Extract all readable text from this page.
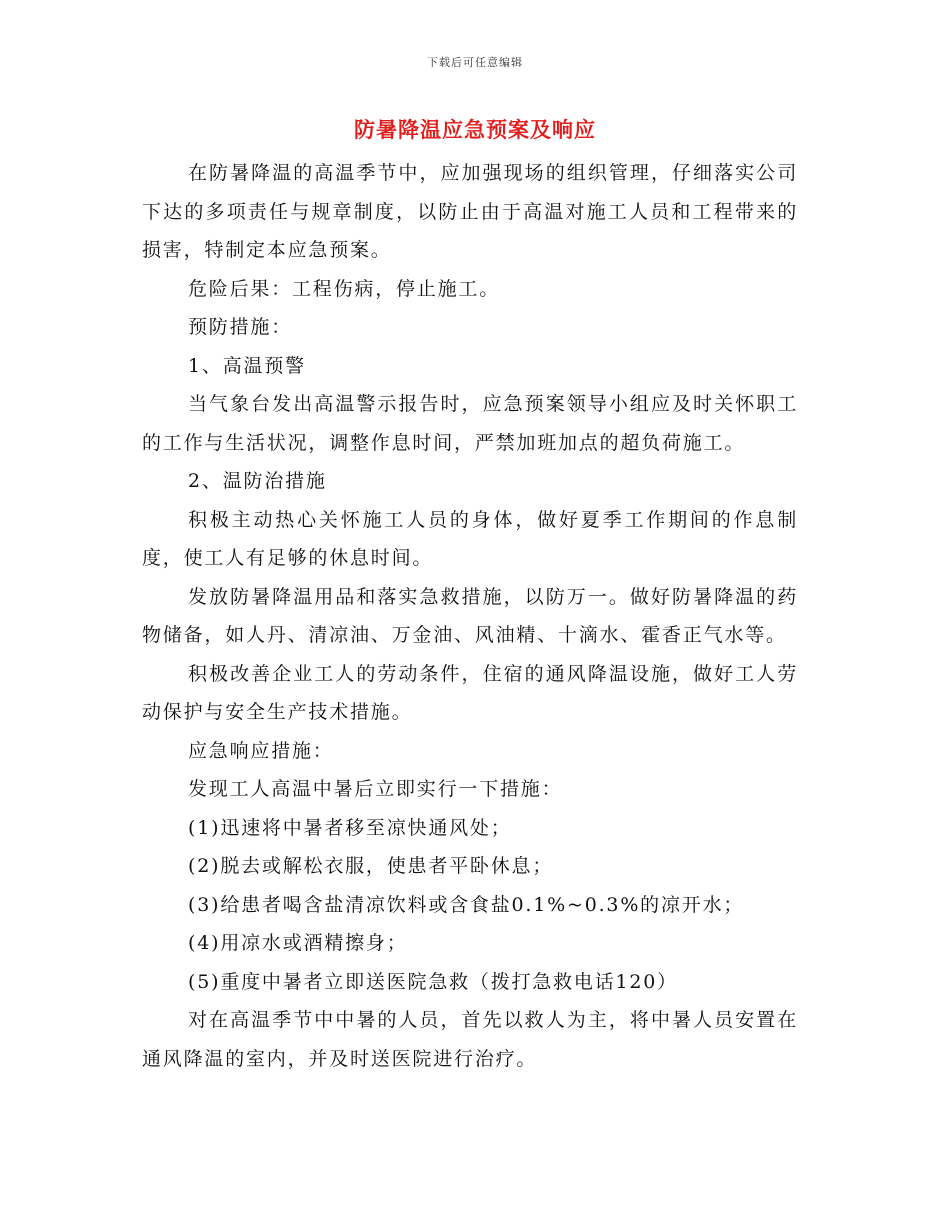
下载后可任意编辑
防暑降温应急预案及响应

在防暑降温的高温季节中，应加强现场的组织管理，仔细落实公司下达的多项责任与规章制度，以防止由于高温对施工人员和工程带来的损害，特制定本应急预案。

危险后果：工程伤病，停止施工。

预防措施：

1、高温预警

当气象台发出高温警示报告时，应急预案领导小组应及时关怀职工的工作与生活状况，调整作息时间，严禁加班加点的超负荷施工。

2、温防治措施

积极主动热心关怀施工人员的身体，做好夏季工作期间的作息制度，使工人有足够的休息时间。

发放防暑降温用品和落实急救措施，以防万一。做好防暑降温的药物储备，如人丹、清凉油、万金油、风油精、十滴水、霍香正气水等。

积极改善企业工人的劳动条件，住宿的通风降温设施，做好工人劳动保护与安全生产技术措施。

应急响应措施：

发现工人高温中暑后立即实行一下措施：

(1)迅速将中暑者移至凉快通风处；

(2)脱去或解松衣服，使患者平卧休息；

(3)给患者喝含盐清凉饮料或含食盐0.1%~0.3%的凉开水；

(4)用凉水或酒精擦身；

(5)重度中暑者立即送医院急救（拨打急救电话120）

对在高温季节中中暑的人员，首先以救人为主，将中暑人员安置在通风降温的室内，并及时送医院进行治疗。
